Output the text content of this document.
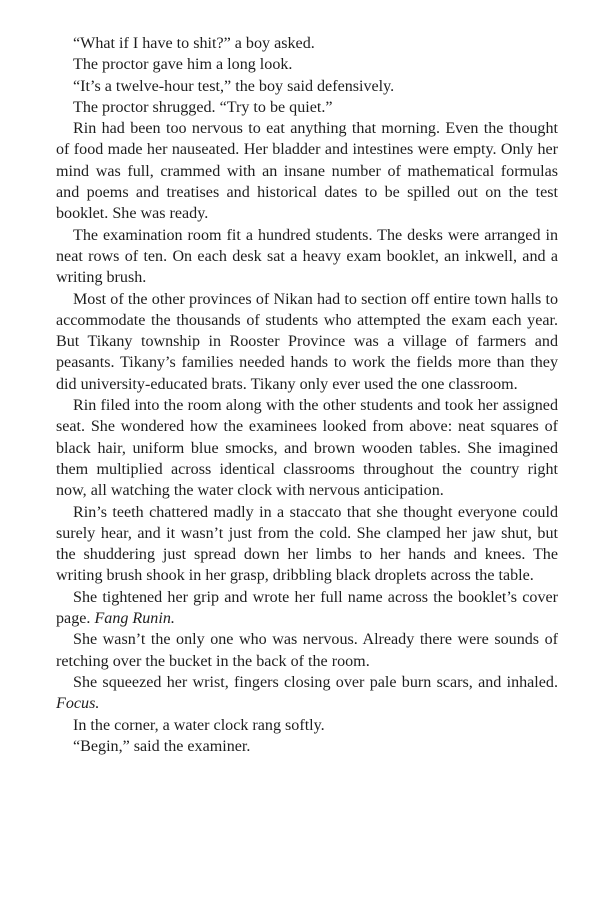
“What if I have to shit?” a boy asked.

The proctor gave him a long look.

“It’s a twelve-hour test,” the boy said defensively.

The proctor shrugged. “Try to be quiet.”

Rin had been too nervous to eat anything that morning. Even the thought of food made her nauseated. Her bladder and intestines were empty. Only her mind was full, crammed with an insane number of mathematical formulas and poems and treatises and historical dates to be spilled out on the test booklet. She was ready.

The examination room fit a hundred students. The desks were arranged in neat rows of ten. On each desk sat a heavy exam booklet, an inkwell, and a writing brush.

Most of the other provinces of Nikan had to section off entire town halls to accommodate the thousands of students who attempted the exam each year. But Tikany township in Rooster Province was a village of farmers and peasants. Tikany’s families needed hands to work the fields more than they did university-educated brats. Tikany only ever used the one classroom.

Rin filed into the room along with the other students and took her assigned seat. She wondered how the examinees looked from above: neat squares of black hair, uniform blue smocks, and brown wooden tables. She imagined them multiplied across identical classrooms throughout the country right now, all watching the water clock with nervous anticipation.

Rin’s teeth chattered madly in a staccato that she thought everyone could surely hear, and it wasn’t just from the cold. She clamped her jaw shut, but the shuddering just spread down her limbs to her hands and knees. The writing brush shook in her grasp, dribbling black droplets across the table.

She tightened her grip and wrote her full name across the booklet’s cover page. Fang Runin.

She wasn’t the only one who was nervous. Already there were sounds of retching over the bucket in the back of the room.

She squeezed her wrist, fingers closing over pale burn scars, and inhaled. Focus.

In the corner, a water clock rang softly.

“Begin,” said the examiner.
